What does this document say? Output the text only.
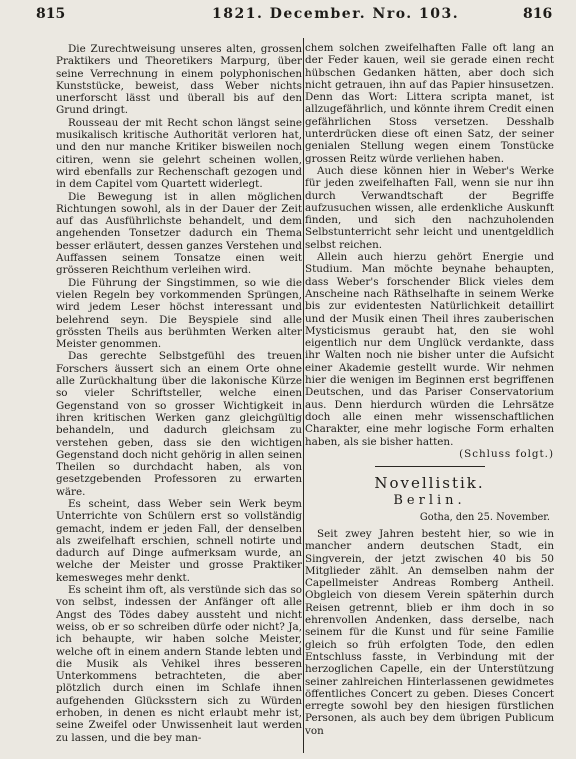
815	1821. December. Nro. 103.	816

Die Zurechtweisung unseres alten, grossen Praktikers und Theoretikers Marpurg, über seine Verrechnung in einem polyphonischen Kunststücke, beweist, dass Weber nichts unerforscht lässt und überall bis auf den Grund dringt.

Rousseau der mit Recht schon längst seine musikalisch kritische Authorität verloren hat, und den nur manche Kritiker bisweilen noch citiren, wenn sie gelehrt scheinen wollen, wird ebenfalls zur Rechenschaft gezogen und in dem Capitel vom Quartett widerlegt.

Die Bewegung ist in allen möglichen Richtungen sowohl, als in der Dauer der Zeit auf das Ausführlichste behandelt, und dem angehenden Tonsetzer dadurch ein Thema besser erläutert, dessen ganzes Verstehen und Auffassen seinem Tonsatze einen weit grösseren Reichthum verleihen wird.

Die Führung der Singstimmen, so wie die vielen Regeln bey vorkommenden Sprüngen, wird jedem Leser höchst interessant und belehrend seyn. Die Beyspiele sind alle grössten Theils aus berühmten Werken alter Meister genommen.

Das gerechte Selbstgefühl des treuen Forschers äussert sich an einem Orte ohne alle Zurückhaltung über die lakonische Kürze so vieler Schriftsteller, welche einen Gegenstand von so grosser Wichtigkeit in ihren kritischen Werken ganz gleichgültig behandeln, und dadurch gleichsam zu verstehen geben, dass sie den wichtigen Gegenstand doch nicht gehörig in allen seinen Theilen so durchdacht haben, als von gesetzgebenden Professoren zu erwarten wäre.

Es scheint, dass Weber sein Werk beym Unterrichte von Schülern erst so vollständig gemacht, indem er jeden Fall, der denselben als zweifelhaft erschien, schnell notirte und dadurch auf Dinge aufmerksam wurde, an welche der Meister und grosse Praktiker kemesweges mehr denkt.

Es scheint ihm oft, als verstünde sich das so von selbst, indessen der Anfänger oft alle Angst des Tödes dabey aussteht und nicht weiss, ob er so schreiben dürfe oder nicht? Ja, ich behaupte, wir haben solche Meister, welche oft in einem andern Stande lebten und die Musik als Vehikel ihres besseren Unterkommens betrachteten, die aber plötzlich durch einen im Schlafe ihnen aufgehenden Glücksstern sich zu Würden erhoben, in denen es nicht erlaubt mehr ist, seine Zweifel oder Unwissenheit laut werden zu lassen, und die bey man-

chem solchen zweifelhaften Falle oft lang an der Feder kauen, weil sie gerade einen recht hübschen Gedanken hätten, aber doch sich nicht getrauen, ihn auf das Papier hinsusetzen. Denn das Wort: Littera scripta manet, ist allzugefährlich, und könnte ihrem Credit einen gefährlichen Stoss versetzen. Desshalb unterdrücken diese oft einen Satz, der seiner genialen Stellung wegen einem Tonstücke grossen Reitz würde verliehen haben.

Auch diese können hier in Weber's Werke für jeden zweifelhaften Fall, wenn sie nur ihn durch Verwandtschaft der Begriffe aufzusuchen wissen, alle erdenkliche Auskunft finden, und sich den nachzuholenden Selbstunterricht sehr leicht und unentgeldlich selbst reichen.

Allein auch hierzu gehört Energie und Studium. Man möchte beynahe behaupten, dass Weber's forschender Blick vieles dem Anscheine nach Räthselhafte in seinem Werke bis zur evidentesten Natürlichkeit detaillirt und der Musik einen Theil ihres zauberischen Mysticismus geraubt hat, den sie wohl eigentlich nur dem Unglück verdankte, dass ihr Walten noch nie bisher unter die Aufsicht einer Akademie gestellt wurde. Wir nehmen hier die wenigen im Beginnen erst begriffenen Deutschen, und das Pariser Conservatorium aus. Denn hierdurch würden die Lehrsätze doch alle einen mehr wissenschaftlichen Charakter, eine mehr logische Form erhalten haben, als sie bisher hatten.

(Schluss folgt.)

Novellistik.
Berlin.
Gotha, den 25. November.

Seit zwey Jahren besteht hier, so wie in mancher andern deutschen Stadt, ein Singverein, der jetzt zwischen 40 bis 50 Mitglieder zählt. An demselben nahm der Capellmeister Andreas Romberg Antheil. Obgleich von diesem Verein späterhin durch Reisen getrennt, blieb er ihm doch in so ehrenvollen Andenken, dass derselbe, nach seinem für die Kunst und für seine Familie gleich so früh erfolgten Tode, den edlen Entschluss fasste, in Verbindung mit der herzoglichen Capelle, ein der Unterstützung seiner zahlreichen Hinterlassenen gewidmetes öffentliches Concert zu geben. Dieses Concert erregte sowohl bey den hiesigen fürstlichen Personen, als auch bey dem übrigen Publicum von
